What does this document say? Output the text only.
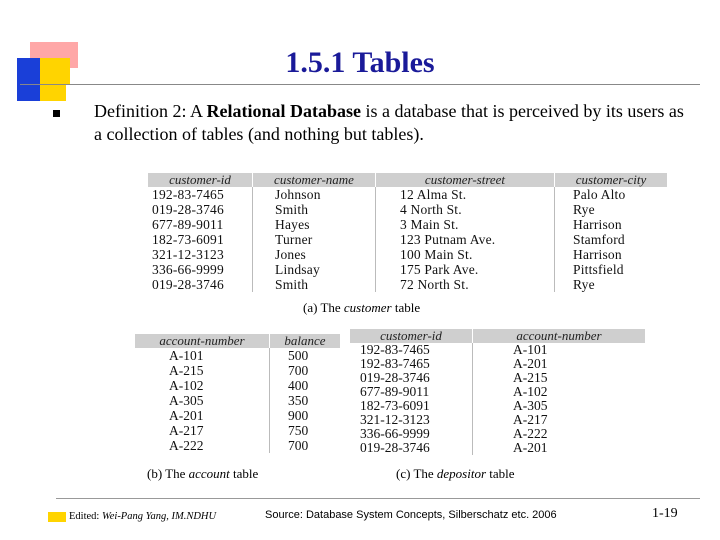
1.5.1 Tables
Definition 2: A Relational Database is a database that is perceived by its users as a collection of tables (and nothing but tables).
customer-id	customer-name	customer-street	customer-city
192-83-7465	Johnson	12 Alma St.	Palo Alto
019-28-3746	Smith	4 North St.	Rye
677-89-9011	Hayes	3 Main St.	Harrison
182-73-6091	Turner	123 Putnam Ave.	Stamford
321-12-3123	Jones	100 Main St.	Harrison
336-66-9999	Lindsay	175 Park Ave.	Pittsfield
019-28-3746	Smith	72 North St.	Rye
(a) The customer table
account-number	balance
A-101	500
A-215	700
A-102	400
A-305	350
A-201	900
A-217	750
A-222	700
(b) The account table
customer-id	account-number
192-83-7465	A-101
192-83-7465	A-201
019-28-3746	A-215
677-89-9011	A-102
182-73-6091	A-305
321-12-3123	A-217
336-66-9999	A-222
019-28-3746	A-201
(c) The depositor table
Edited: Wei-Pang Yang, IM.NDHU	Source: Database System Concepts, Silberschatz etc. 2006	1-19
